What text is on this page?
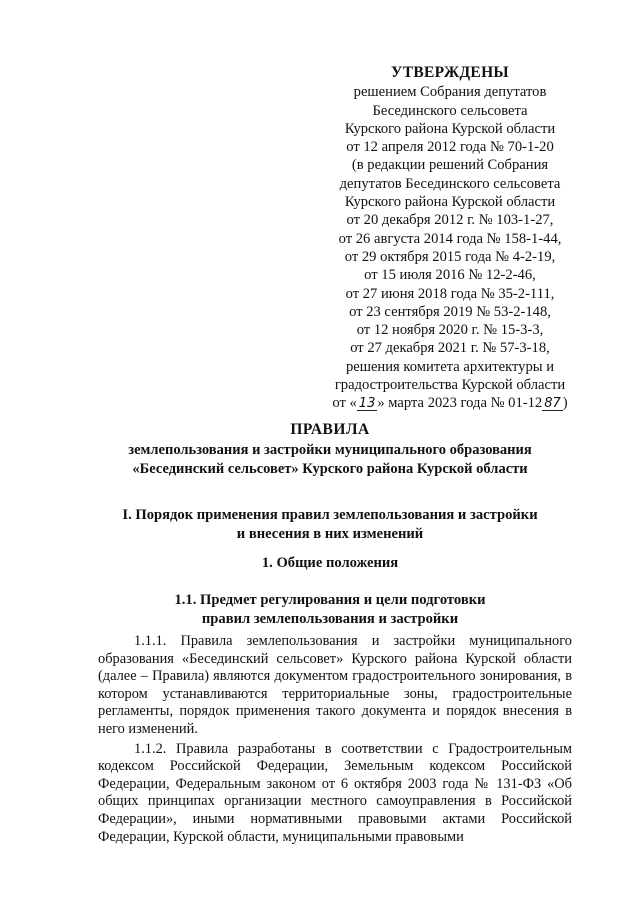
УТВЕРЖДЕНЫ
решением Собрания депутатов
Бесединского сельсовета
Курского района Курской области
от 12 апреля 2012 года № 70-1-20
(в редакции решений Собрания
депутатов Бесединского сельсовета
Курского района Курской области
от 20 декабря 2012 г. № 103-1-27,
от 26 августа 2014 года № 158-1-44,
от 29 октября 2015 года № 4-2-19,
от 15 июля 2016 № 12-2-46,
от 27 июня 2018 года № 35-2-111,
от 23 сентября 2019 № 53-2-148,
от 12 ноября 2020 г. № 15-3-3,
от 27 декабря 2021 г. № 57-3-18,
решения комитета архитектуры и
градостроительства Курской области
от « 13 » марта 2023 года № 01-12 87 )
ПРАВИЛА
землепользования и застройки муниципального образования
«Бесединский сельсовет» Курского района Курской области
I. Порядок применения правил землепользования и застройки
и внесения в них изменений
1. Общие положения
1.1. Предмет регулирования и цели подготовки
правил землепользования и застройки

1.1.1. Правила землепользования и застройки муниципального образования «Бесединский сельсовет» Курского района Курской области (далее – Правила) являются документом градостроительного зонирования, в котором устанавливаются территориальные зоны, градостроительные регламенты, порядок применения такого документа и порядок внесения в него изменений.

1.1.2. Правила разработаны в соответствии с Градостроительным кодексом Российской Федерации, Земельным кодексом Российской Федерации, Федеральным законом от 6 октября 2003 года № 131-ФЗ «Об общих принципах организации местного самоуправления в Российской Федерации», иными нормативными правовыми актами Российской Федерации, Курской области, муниципальными правовыми
